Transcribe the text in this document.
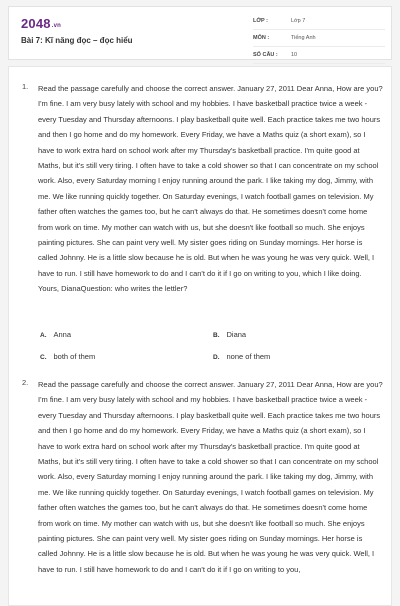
2048.vn
Bài 7: Kĩ năng đọc – đọc hiểu
LỚP :	Lớp 7
MÔN :	Tiếng Anh
SỐ CÂU : 10
1. Read the passage carefully and choose the correct answer. January 27, 2011 Dear Anna, How are you? I'm fine. I am very busy lately with school and my hobbies. I have basketball practice twice a week - every Tuesday and Thursday afternoons. I play basketball quite well. Each practice takes me two hours and then I go home and do my homework. Every Friday, we have a Maths quiz (a short exam), so I have to work extra hard on school work after my Thursday's basketball practice. I'm quite good at Maths, but it's still very tiring. I often have to take a cold shower so that I can concentrate on my school work. Also, every Saturday morning I enjoy running around the park. I like taking my dog, Jimmy, with me. We like running quickly together. On Saturday evenings, I watch football games on television. My father often watches the games too, but he can't always do that. He sometimes doesn't come home from work on time. My mother can watch with us, but she doesn't like football so much. She enjoys painting pictures. She can paint very well. My sister goes riding on Sunday mornings. Her horse is called Johnny. He is a little slow because he is old. But when he was young he was very quick. Well, I have to run. I still have homework to do and I can't do it if I go on writing to you, which I like doing. Yours, DianaQuestion: who writes the lettler?
A. Anna	B. Diana
C. both of them	D. none of them
2. Read the passage carefully and choose the correct answer. January 27, 2011 Dear Anna, How are you? I'm fine. I am very busy lately with school and my hobbies. I have basketball practice twice a week - every Tuesday and Thursday afternoons. I play basketball quite well. Each practice takes me two hours and then I go home and do my homework. Every Friday, we have a Maths quiz (a short exam), so I have to work extra hard on school work after my Thursday's basketball practice. I'm quite good at Maths, but it's still very tiring. I often have to take a cold shower so that I can concentrate on my school work. Also, every Saturday morning I enjoy running around the park. I like taking my dog, Jimmy, with me. We like running quickly together. On Saturday evenings, I watch football games on television. My father often watches the games too, but he can't always do that. He sometimes doesn't come home from work on time. My mother can watch with us, but she doesn't like football so much. She enjoys painting pictures. She can paint very well. My sister goes riding on Sunday mornings. Her horse is called Johnny. He is a little slow because he is old. But when he was young he was very quick. Well, I have to run. I still have homework to do and I can't do it if I go on writing to you,
